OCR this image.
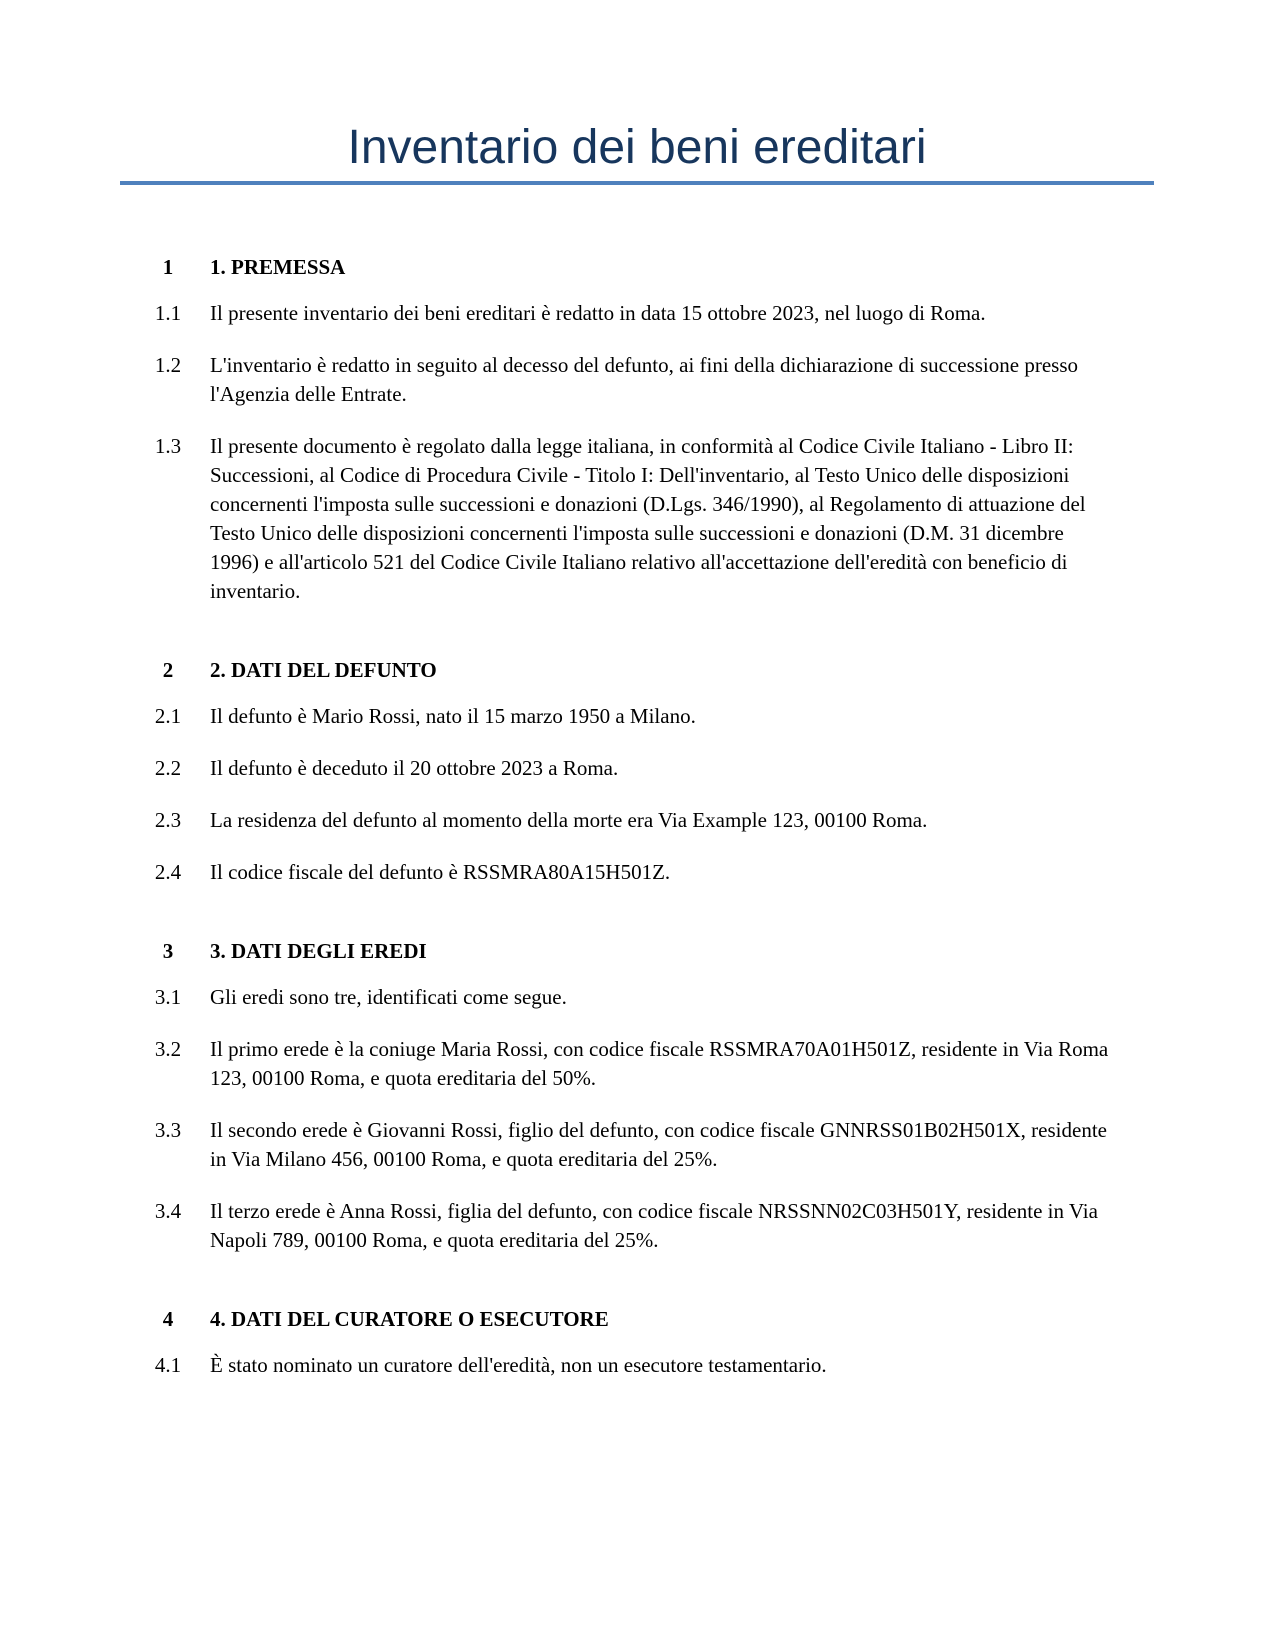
Inventario dei beni ereditari
1	1. PREMESSA
1.1	Il presente inventario dei beni ereditari è redatto in data 15 ottobre 2023, nel luogo di Roma.

1.2	L'inventario è redatto in seguito al decesso del defunto, ai fini della dichiarazione di successione presso l'Agenzia delle Entrate.

1.3	Il presente documento è regolato dalla legge italiana, in conformità al Codice Civile Italiano - Libro II: Successioni, al Codice di Procedura Civile - Titolo I: Dell'inventario, al Testo Unico delle disposizioni concernenti l'imposta sulle successioni e donazioni (D.Lgs. 346/1990), al Regolamento di attuazione del Testo Unico delle disposizioni concernenti l'imposta sulle successioni e donazioni (D.M. 31 dicembre 1996) e all'articolo 521 del Codice Civile Italiano relativo all'accettazione dell'eredità con beneficio di inventario.

2	2. DATI DEL DEFUNTO
2.1	Il defunto è Mario Rossi, nato il 15 marzo 1950 a Milano.

2.2	Il defunto è deceduto il 20 ottobre 2023 a Roma.

2.3	La residenza del defunto al momento della morte era Via Example 123, 00100 Roma.

2.4	Il codice fiscale del defunto è RSSMRA80A15H501Z.

3	3. DATI DEGLI EREDI
3.1	Gli eredi sono tre, identificati come segue.

3.2	Il primo erede è la coniuge Maria Rossi, con codice fiscale RSSMRA70A01H501Z, residente in Via Roma 123, 00100 Roma, e quota ereditaria del 50%.

3.3	Il secondo erede è Giovanni Rossi, figlio del defunto, con codice fiscale GNNRSS01B02H501X, residente in Via Milano 456, 00100 Roma, e quota ereditaria del 25%.

3.4	Il terzo erede è Anna Rossi, figlia del defunto, con codice fiscale NRSSNN02C03H501Y, residente in Via Napoli 789, 00100 Roma, e quota ereditaria del 25%.

4	4. DATI DEL CURATORE O ESECUTORE
4.1	È stato nominato un curatore dell'eredità, non un esecutore testamentario.
